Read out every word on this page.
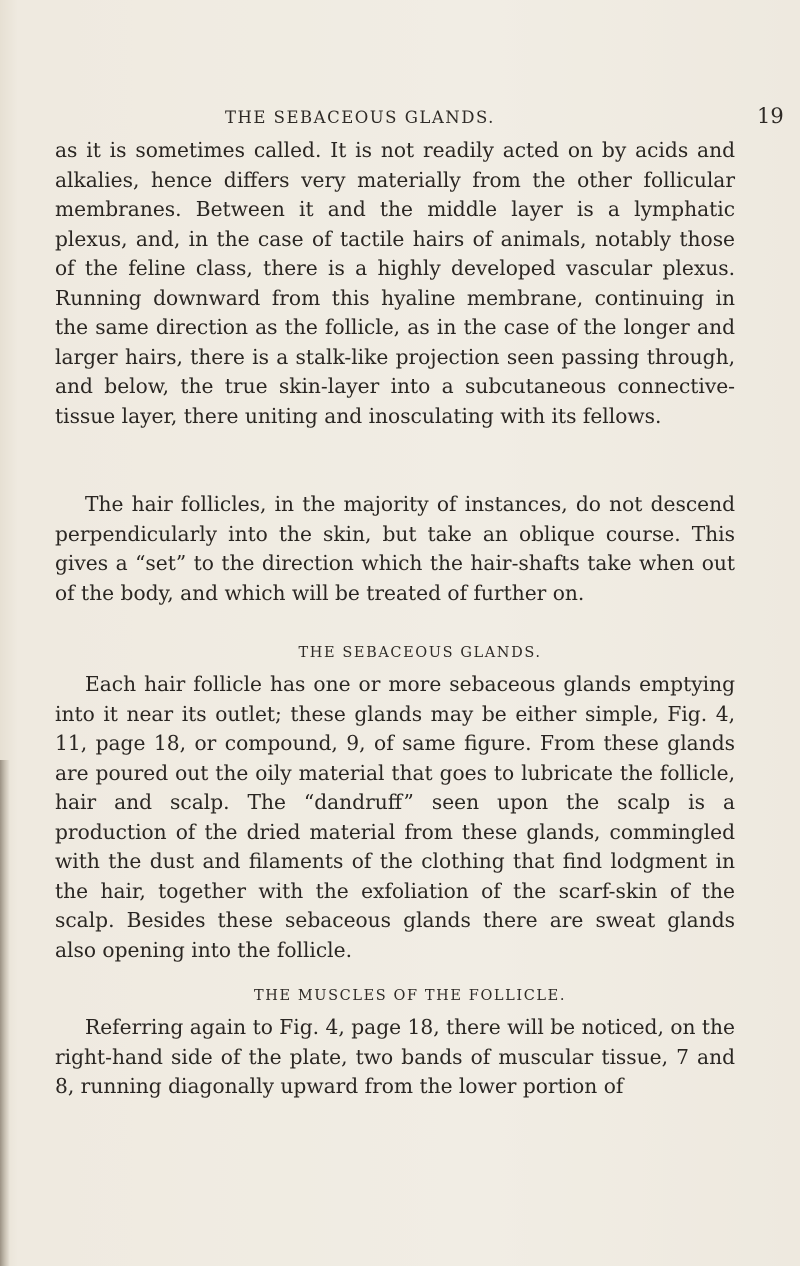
THE SEBACEOUS GLANDS.	19

as it is sometimes called. It is not readily acted on by acids and alkalies, hence differs very materially from the other follicular membranes. Between it and the middle layer is a lymphatic plexus, and, in the case of tactile hairs of animals, notably those of the feline class, there is a highly developed vascular plexus. Running downward from this hyaline membrane, continuing in the same direction as the follicle, as in the case of the longer and larger hairs, there is a stalk-like projection seen passing through, and below, the true skin-layer into a subcutaneous connective-tissue layer, there uniting and inosculating with its fellows.

The hair follicles, in the majority of instances, do not descend perpendicularly into the skin, but take an oblique course. This gives a “set” to the direction which the hair-shafts take when out of the body, and which will be treated of further on.

THE SEBACEOUS GLANDS.

Each hair follicle has one or more sebaceous glands emptying into it near its outlet; these glands may be either simple, Fig. 4, 11, page 18, or compound, 9, of same figure. From these glands are poured out the oily material that goes to lubricate the follicle, hair and scalp. The “dandruff” seen upon the scalp is a production of the dried material from these glands, commingled with the dust and filaments of the clothing that find lodgment in the hair, together with the exfoliation of the scarf-skin of the scalp. Besides these sebaceous glands there are sweat glands also opening into the follicle.

THE MUSCLES OF THE FOLLICLE.

Referring again to Fig. 4, page 18, there will be noticed, on the right-hand side of the plate, two bands of muscular tissue, 7 and 8, running diagonally upward from the lower portion of
